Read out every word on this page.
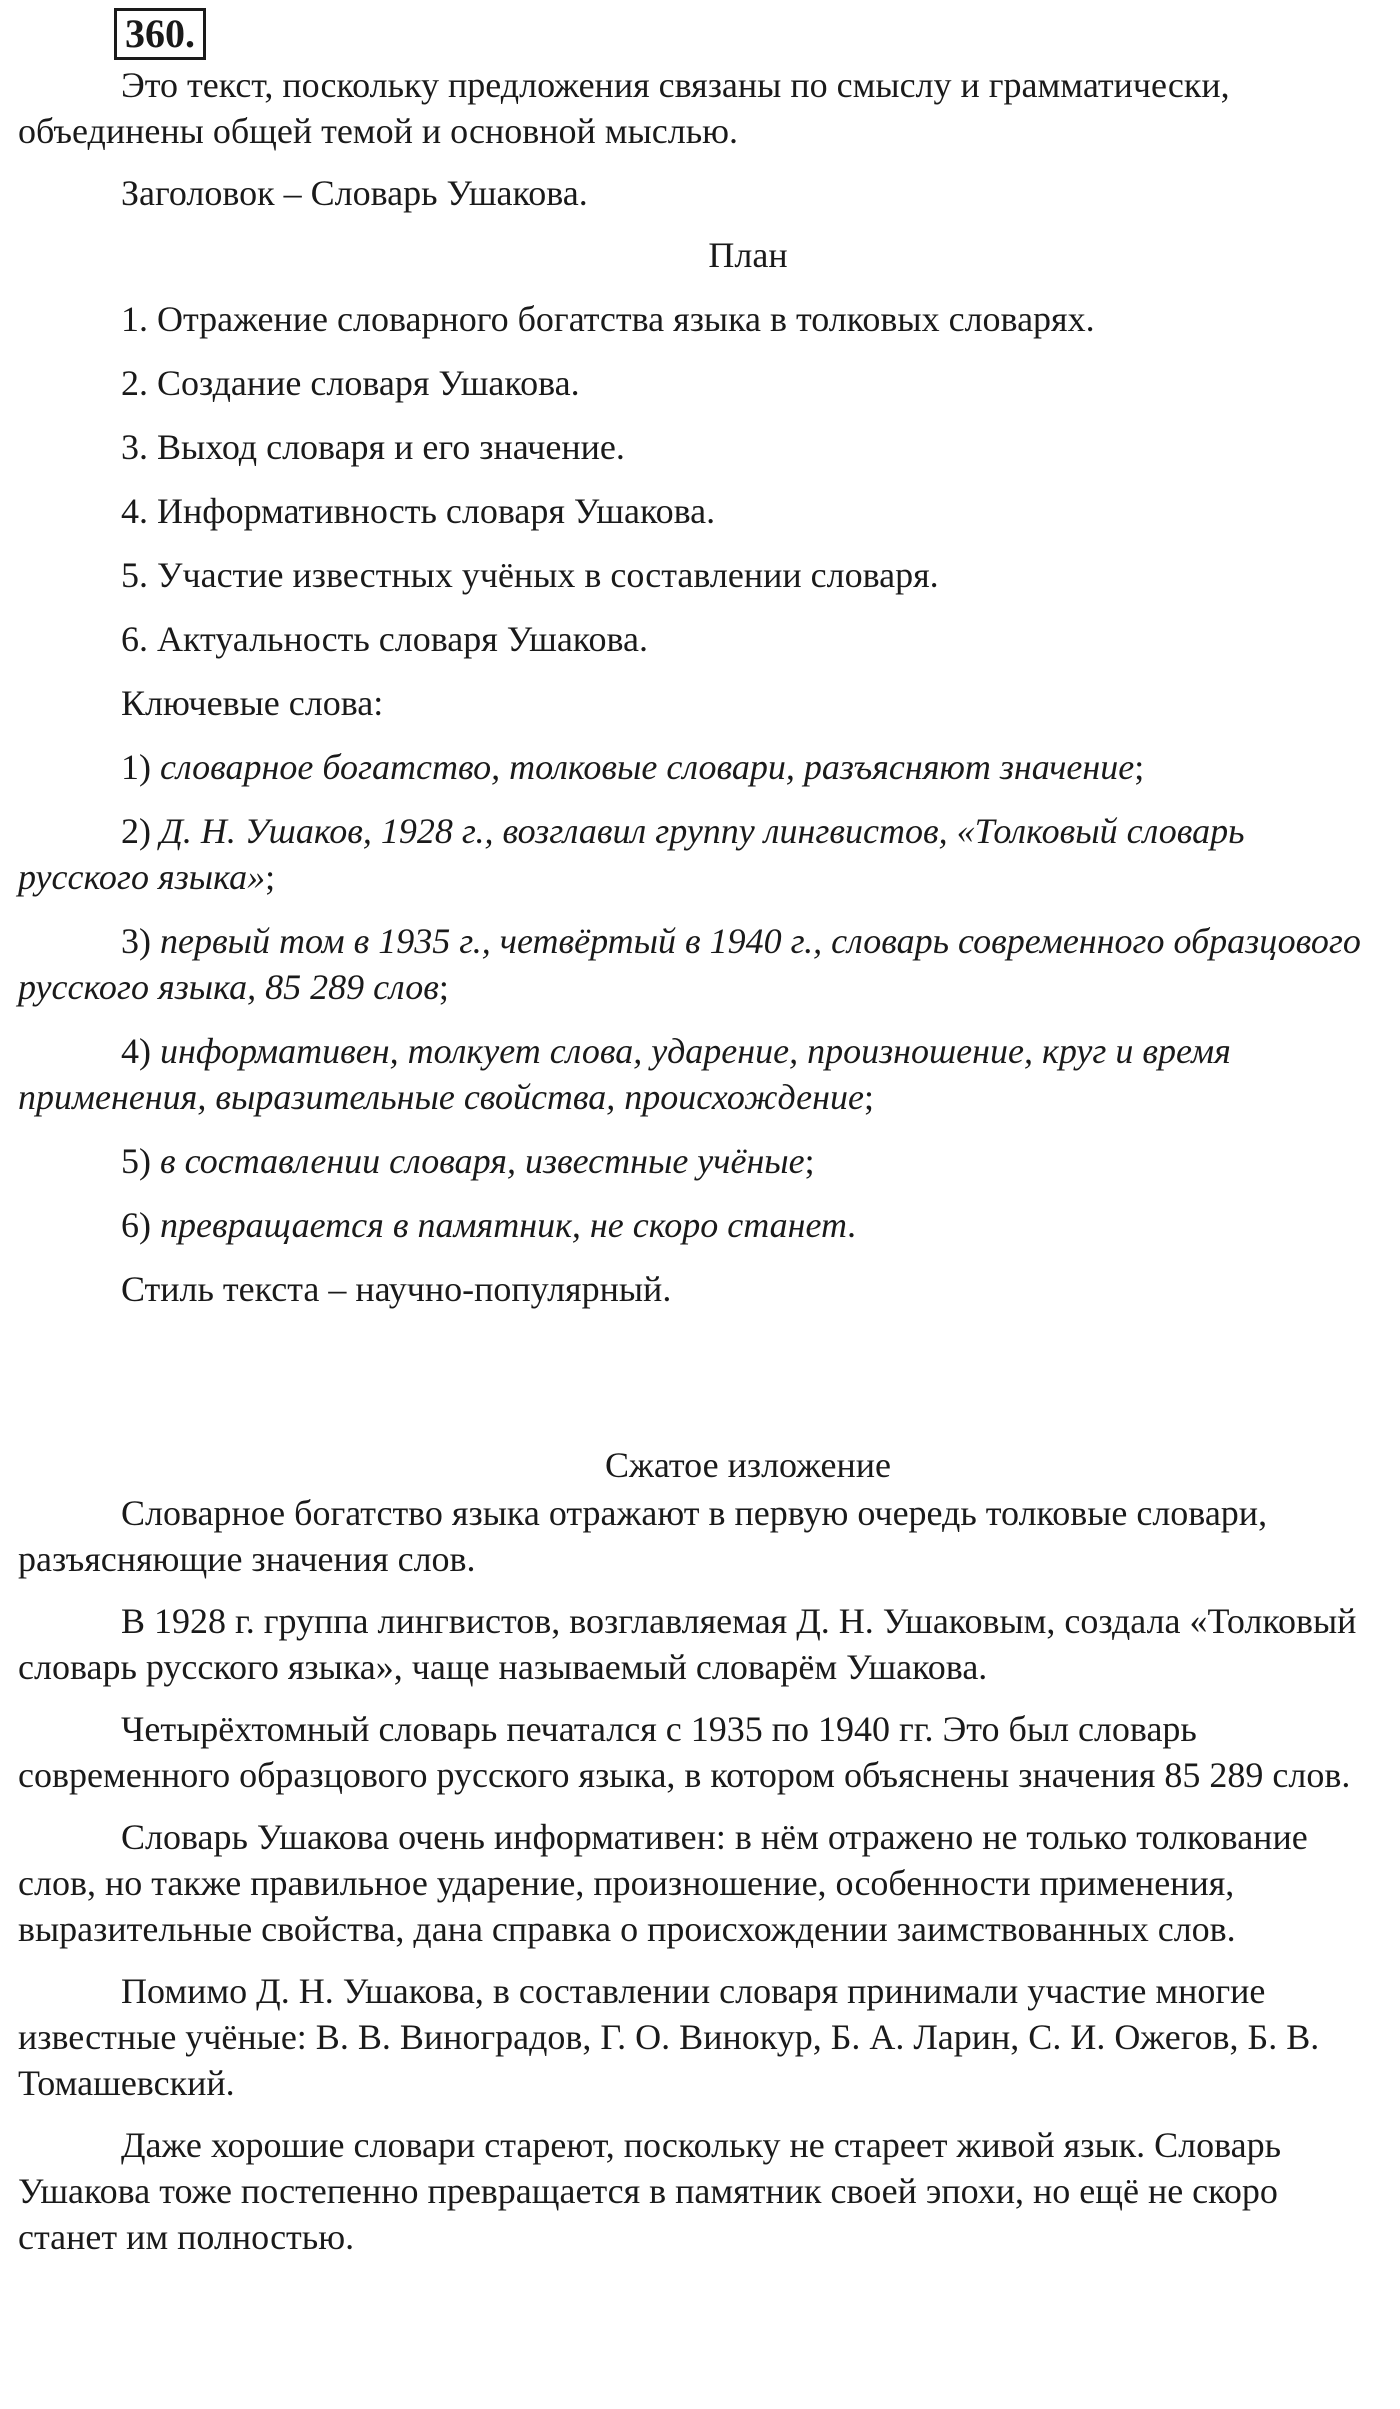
360.

Это текст, поскольку предложения связаны по смыслу и грамматически, объединены общей темой и основной мыслью.

Заголовок – Словарь Ушакова.

План

1. Отражение словарного богатства языка в толковых словарях.

2. Создание словаря Ушакова.

3. Выход словаря и его значение.

4. Информативность словаря Ушакова.

5. Участие известных учёных в составлении словаря.

6. Актуальность словаря Ушакова.

Ключевые слова:

1) словарное богатство, толковые словари, разъясняют значение;

2) Д. Н. Ушаков, 1928 г., возглавил группу лингвистов, «Толковый словарь русского языка»;

3) первый том в 1935 г., четвёртый в 1940 г., словарь современного образцового русского языка, 85 289 слов;

4) информативен, толкует слова, ударение, произношение, круг и время применения, выразительные свойства, происхождение;

5) в составлении словаря, известные учёные;

6) превращается в памятник, не скоро станет.

Стиль текста – научно-популярный.

Сжатое изложение

Словарное богатство языка отражают в первую очередь толковые словари, разъясняющие значения слов.

В 1928 г. группа лингвистов, возглавляемая Д. Н. Ушаковым, создала «Толковый словарь русского языка», чаще называемый словарём Ушакова.

Четырёхтомный словарь печатался с 1935 по 1940 гг. Это был словарь современного образцового русского языка, в котором объяснены значения 85 289 слов.

Словарь Ушакова очень информативен: в нём отражено не только толкование слов, но также правильное ударение, произношение, особенности применения, выразительные свойства, дана справка о происхождении заимствованных слов.

Помимо Д. Н. Ушакова, в составлении словаря принимали участие многие известные учёные: В. В. Виноградов, Г. О. Винокур, Б. А. Ларин, С. И. Ожегов, Б. В. Томашевский.

Даже хорошие словари стареют, поскольку не стареет живой язык. Словарь Ушакова тоже постепенно превращается в памятник своей эпохи, но ещё не скоро станет им полностью.
